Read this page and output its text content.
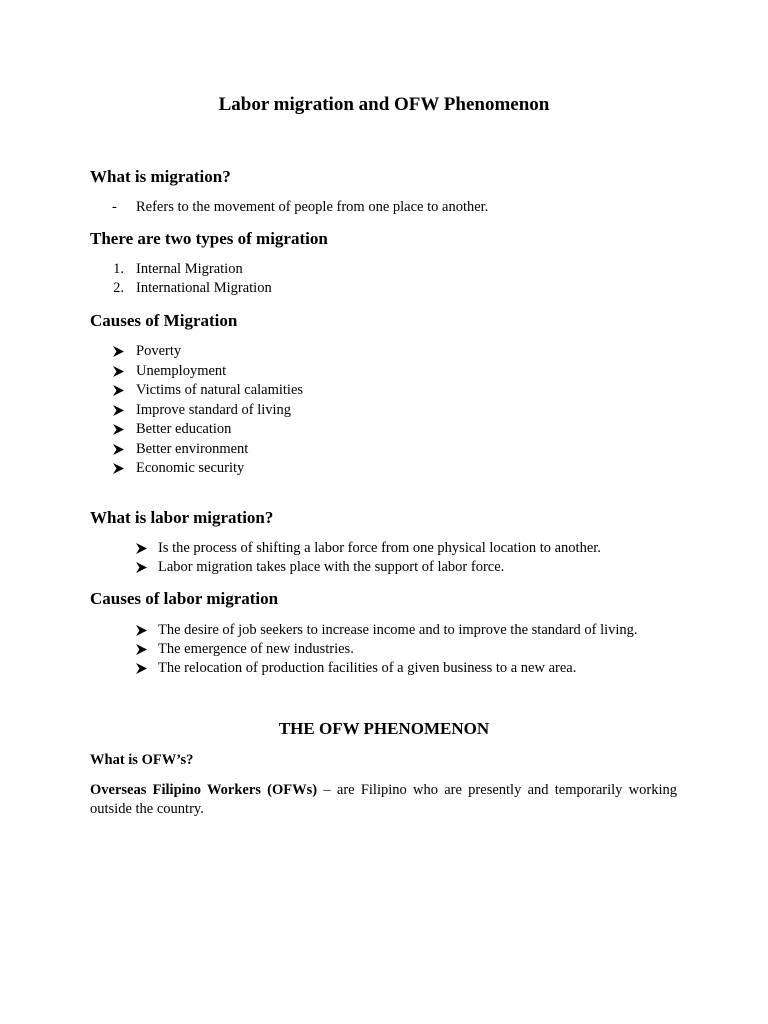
Labor migration and OFW Phenomenon
What is migration?
- Refers to the movement of people from one place to another.
There are two types of migration
1. Internal Migration
2. International Migration
Causes of Migration
Poverty
Unemployment
Victims of natural calamities
Improve standard of living
Better education
Better environment
Economic security
What is labor migration?
Is the process of shifting a labor force from one physical location to another.
Labor migration takes place with the support of labor force.
Causes of labor migration
The desire of job seekers to increase income and to improve the standard of living.
The emergence of new industries.
The relocation of production facilities of a given business to a new area.
THE OFW PHENOMENON
What is OFW’s?
Overseas Filipino Workers (OFWs) – are Filipino who are presently and temporarily working outside the country.
